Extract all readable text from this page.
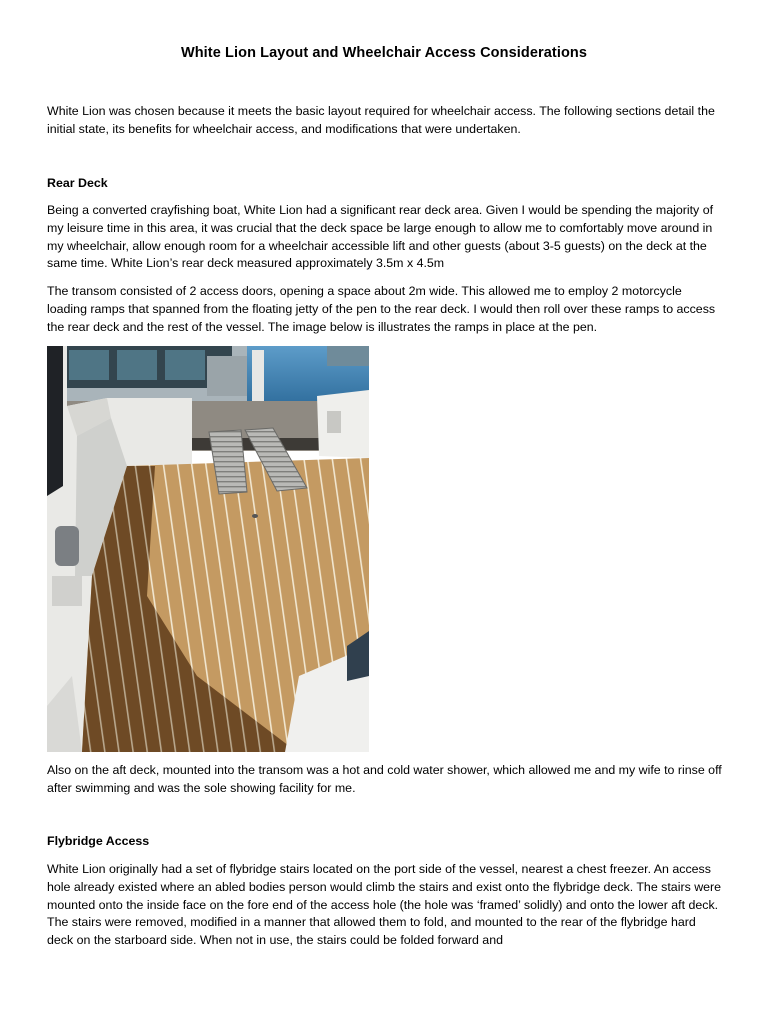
White Lion Layout and Wheelchair Access Considerations

White Lion was chosen because it meets the basic layout required for wheelchair access. The following sections detail the initial state, its benefits for wheelchair access, and modifications that were undertaken.

Rear Deck

Being a converted crayfishing boat, White Lion had a significant rear deck area. Given I would be spending the majority of my leisure time in this area, it was crucial that the deck space be large enough to allow me to comfortably move around in my wheelchair, allow enough room for a wheelchair accessible lift and other guests (about 3-5 guests) on the deck at the same time. White Lion’s rear deck measured approximately 3.5m x 4.5m

The transom consisted of 2 access doors, opening a space about 2m wide. This allowed me to employ 2 motorcycle loading ramps that spanned from the floating jetty of the pen to the rear deck. I would then roll over these ramps to access the rear deck and the rest of the vessel. The image below is illustrates the ramps in place at the pen.

Also on the aft deck, mounted into the transom was a hot and cold water shower, which allowed me and my wife to rinse off after swimming and was the sole showing facility for me.

Flybridge Access

White Lion originally had a set of flybridge stairs located on the port side of the vessel, nearest a chest freezer. An access hole already existed where an abled bodies person would climb the stairs and exist onto the flybridge deck. The stairs were mounted onto the inside face on the fore end of the access hole (the hole was ‘framed’ solidly) and onto the lower aft deck. The stairs were removed, modified in a manner that allowed them to fold, and mounted to the rear of the flybridge hard deck on the starboard side. When not in use, the stairs could be folded forward and
